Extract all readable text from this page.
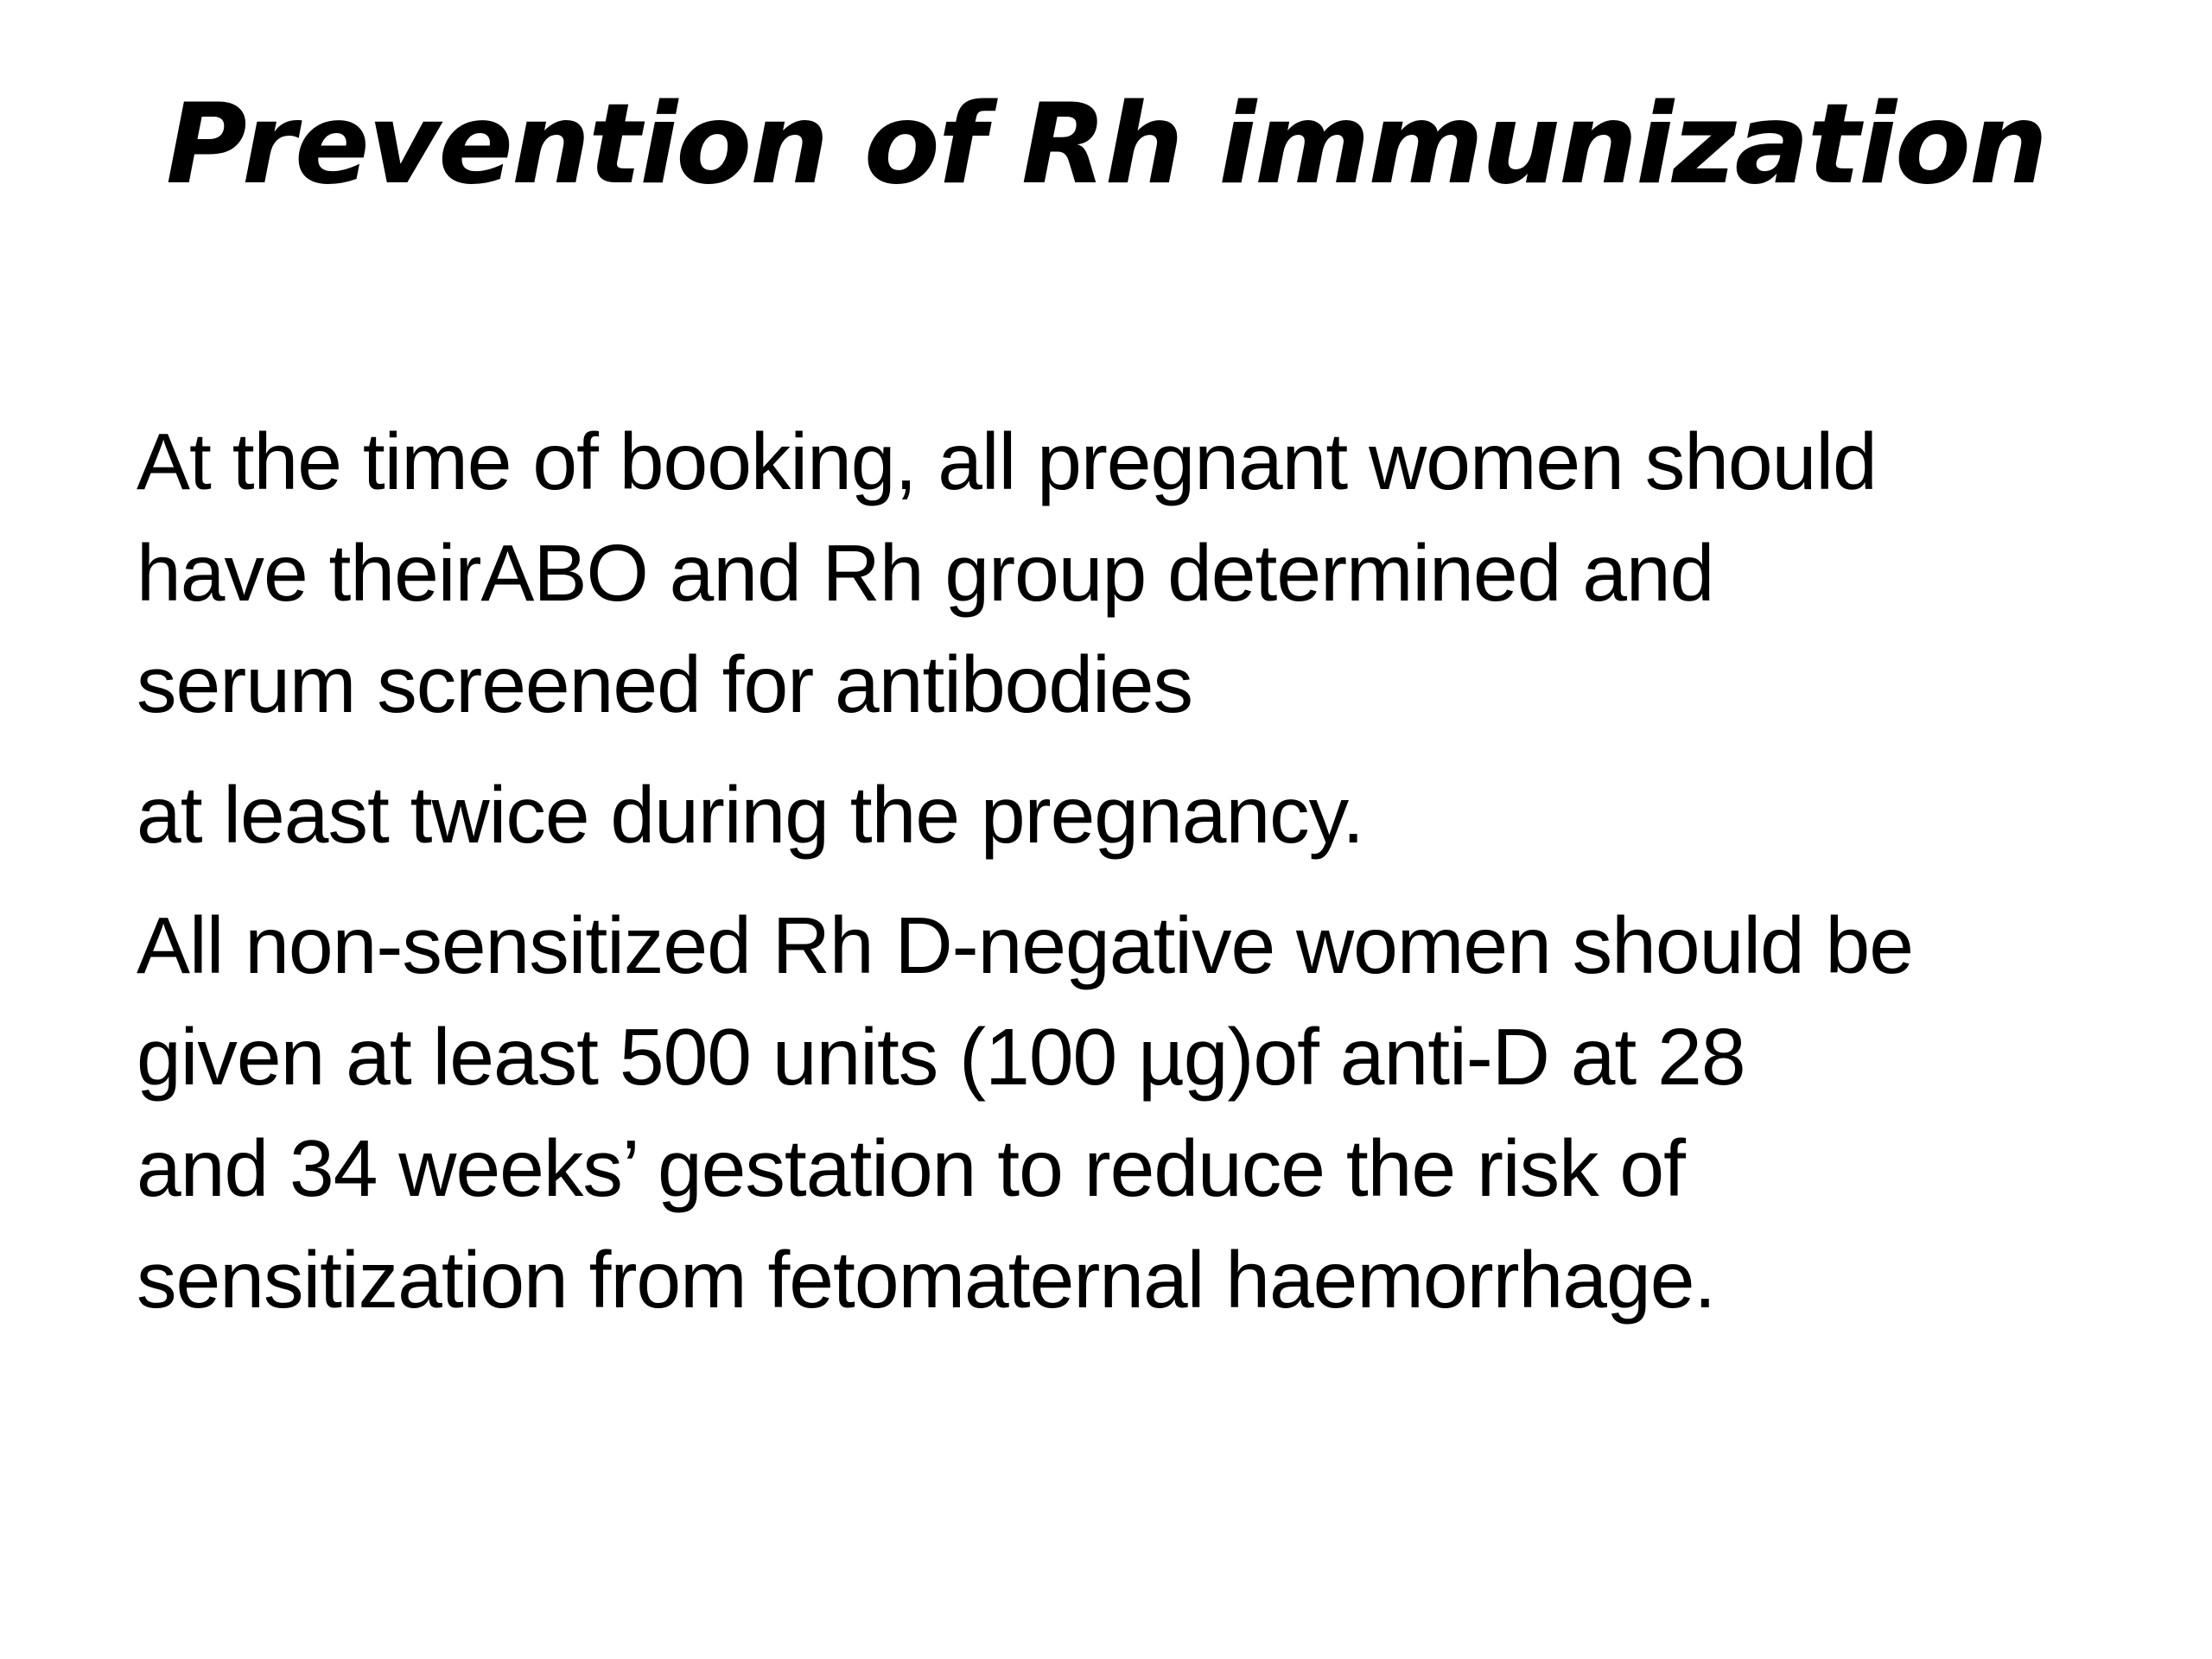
Prevention of Rh immunization

At the time of booking, all pregnant women should
have theirABO and Rh group determined and
serum screened for antibodies

at least twice during the pregnancy.

All non-sensitized Rh D-negative women should be
given at least 500 units (100 µg)of anti-D at 28
and 34 weeks’ gestation to reduce the risk of
sensitization from fetomaternal haemorrhage.
